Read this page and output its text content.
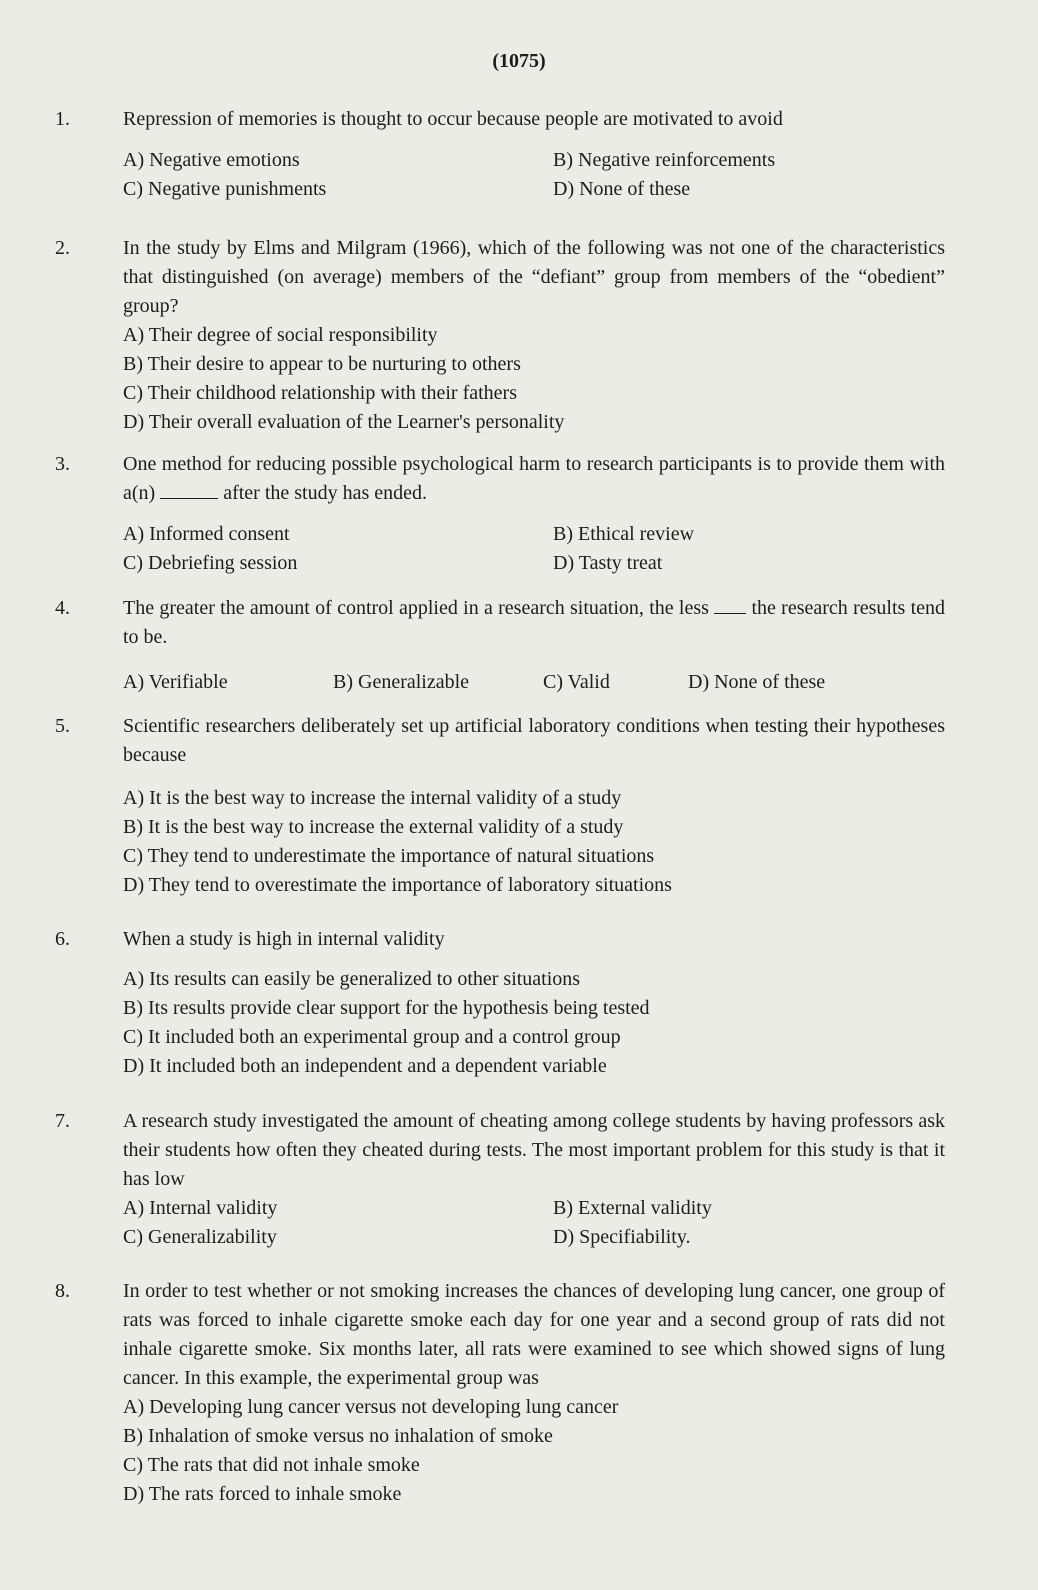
(1075)
1.	Repression of memories is thought to occur because people are motivated to avoid
A) Negative emotions	B) Negative reinforcements
C) Negative punishments	D) None of these
2.	In the study by Elms and Milgram (1966), which of the following was not one of the characteristics that distinguished (on average) members of the “defiant” group from members of the “obedient” group?
A) Their degree of social responsibility
B) Their desire to appear to be nurturing to others
C) Their childhood relationship with their fathers
D) Their overall evaluation of the Learner's personality
3.	One method for reducing possible psychological harm to research participants is to provide them with a(n)	after the study has ended.
A) Informed consent	B) Ethical review
C) Debriefing session	D) Tasty treat
4.	The greater the amount of control applied in a research situation, the less the research results tend to be.
A) Verifiable	B) Generalizable	C) Valid	D) None of these
5.	Scientific researchers deliberately set up artificial laboratory conditions when testing their hypotheses because
A) It is the best way to increase the internal validity of a study
B) It is the best way to increase the external validity of a study
C) They tend to underestimate the importance of natural situations
D) They tend to overestimate the importance of laboratory situations
6.	When a study is high in internal validity
A) Its results can easily be generalized to other situations
B) Its results provide clear support for the hypothesis being tested
C) It included both an experimental group and a control group
D) It included both an independent and a dependent variable
7.	A research study investigated the amount of cheating among college students by having professors ask their students how often they cheated during tests. The most important problem for this study is that it has low
A) Internal validity	B) External validity
C) Generalizability	D) Specifiability.
8.	In order to test whether or not smoking increases the chances of developing lung cancer, one group of rats was forced to inhale cigarette smoke each day for one year and a second group of rats did not inhale cigarette smoke. Six months later, all rats were examined to see which showed signs of lung cancer. In this example, the experimental group was
A) Developing lung cancer versus not developing lung cancer
B) Inhalation of smoke versus no inhalation of smoke
C) The rats that did not inhale smoke
D) The rats forced to inhale smoke
